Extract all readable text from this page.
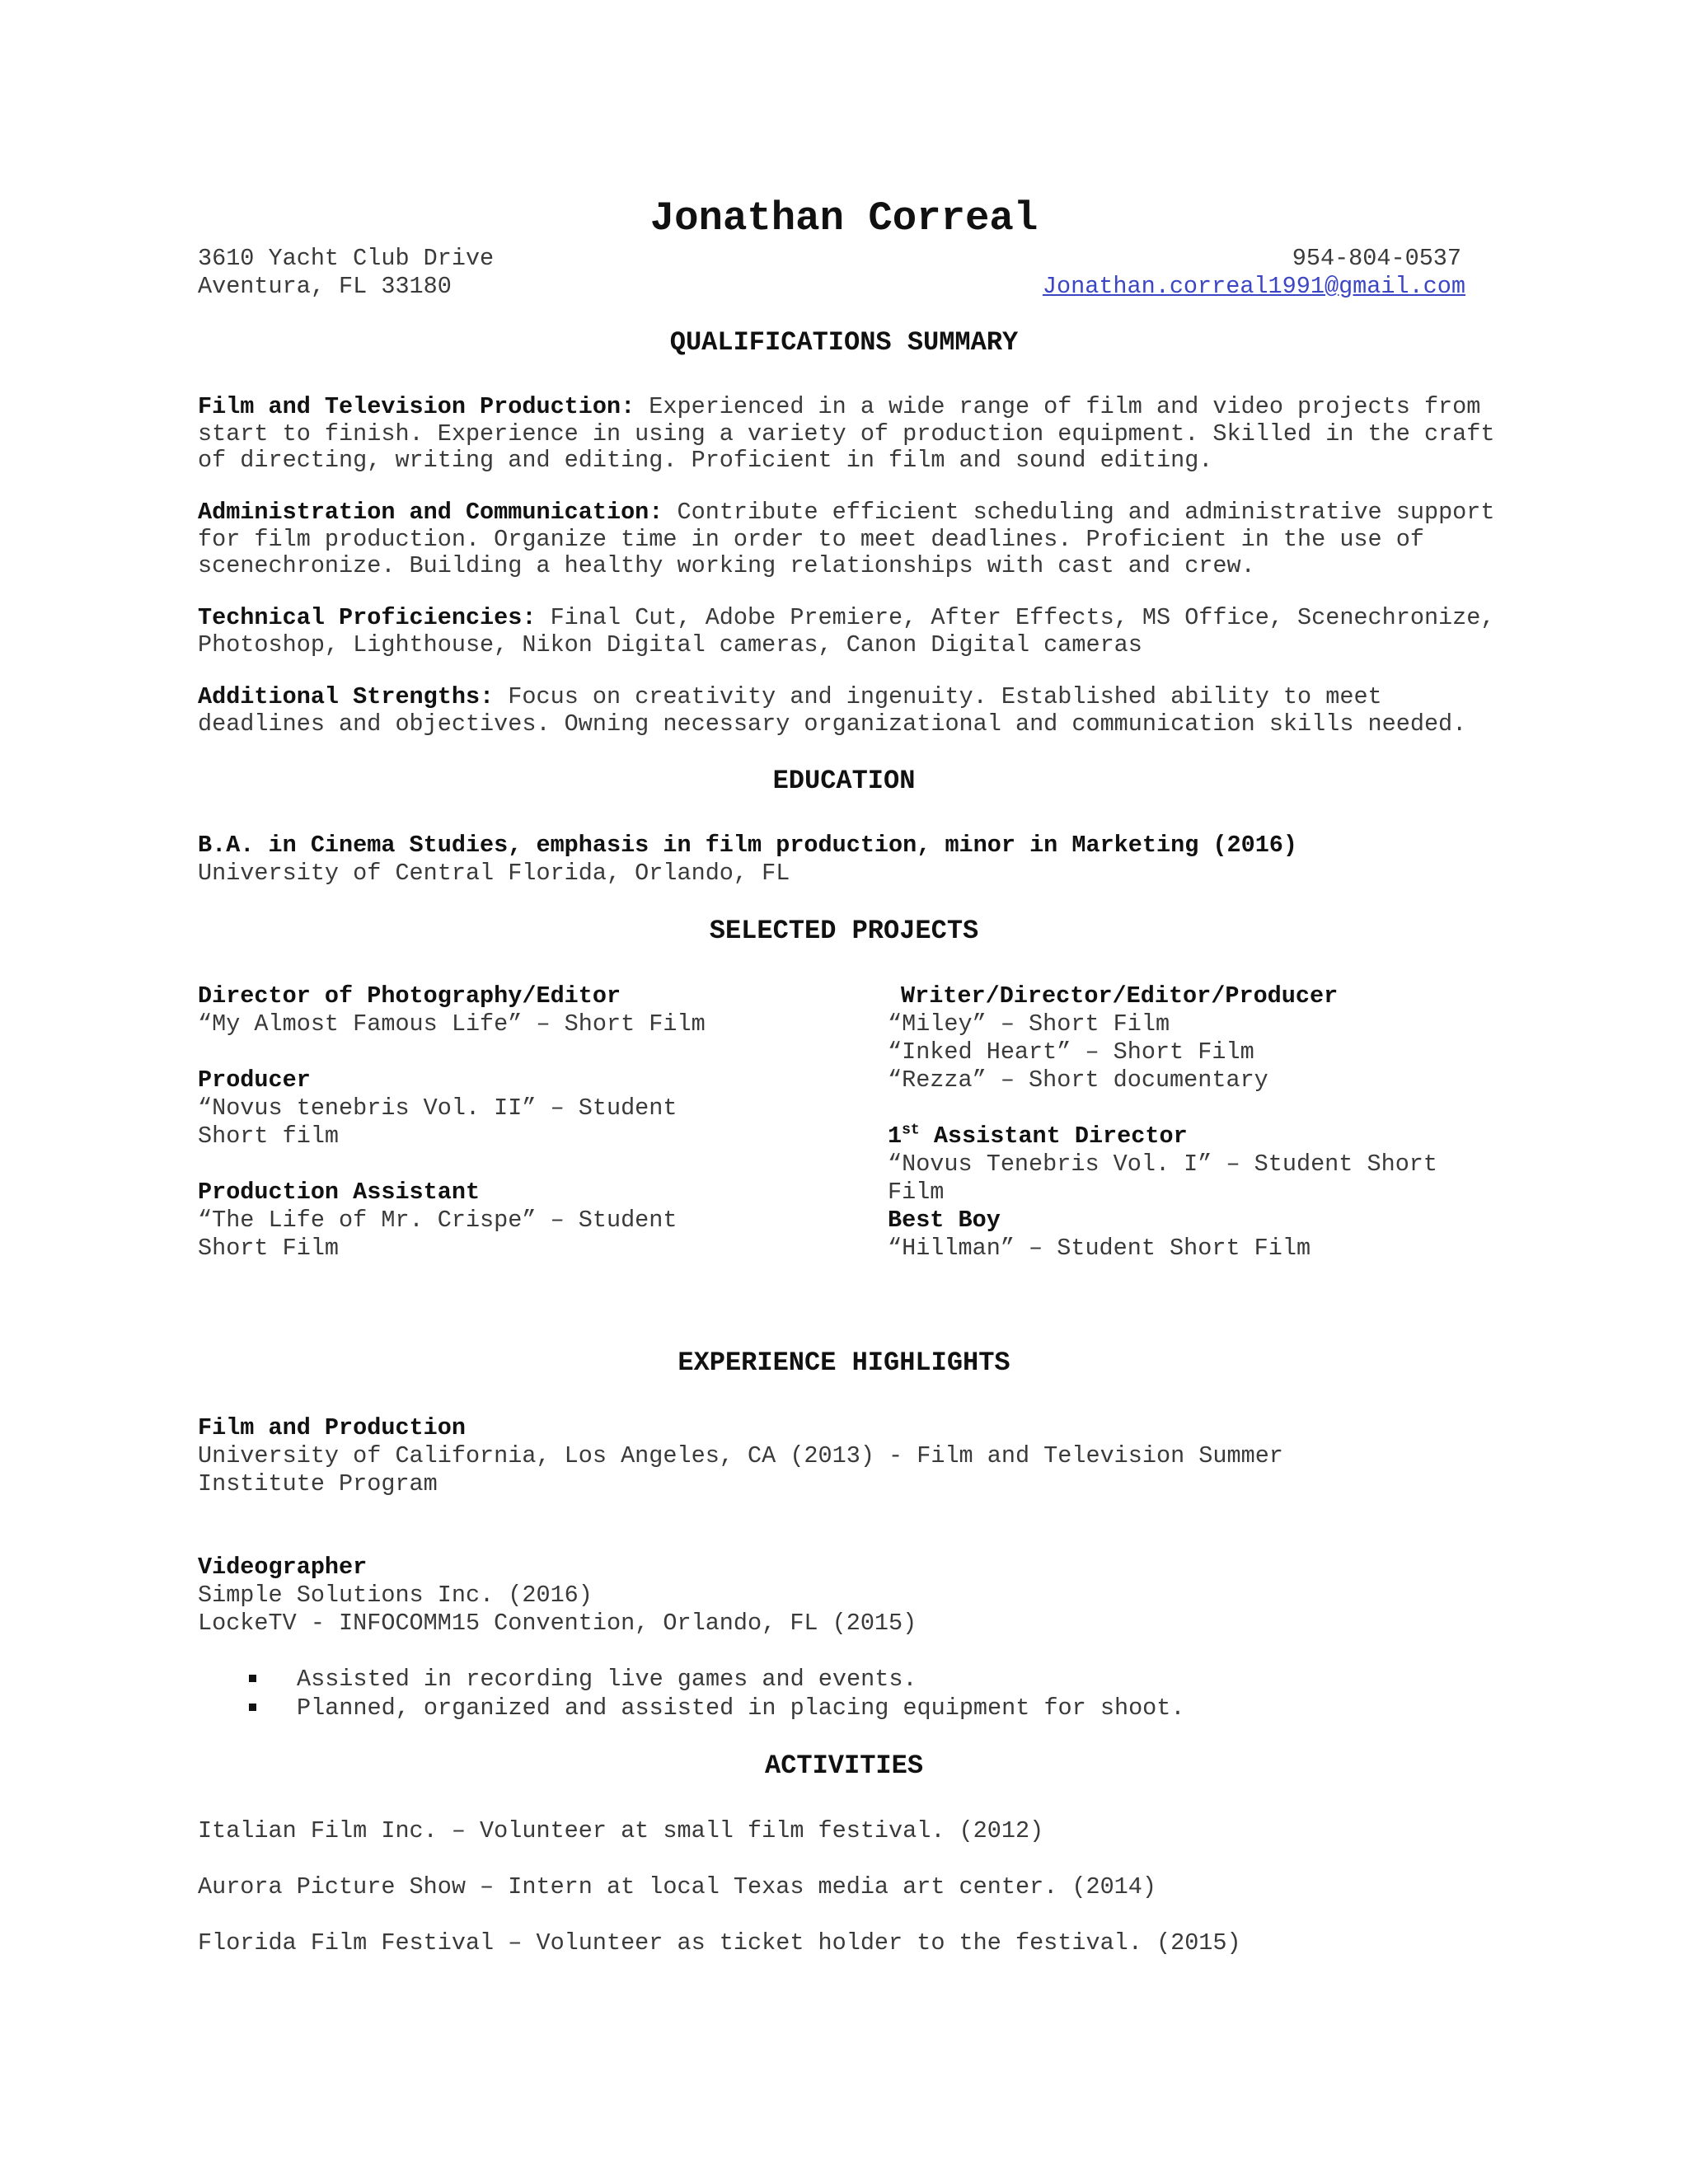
Jonathan Correal
3610 Yacht Club Drive
Aventura, FL 33180
954-804-0537
Jonathan.correal1991@gmail.com
QUALIFICATIONS SUMMARY
Film and Television Production: Experienced in a wide range of film and video projects from start to finish. Experience in using a variety of production equipment. Skilled in the craft of directing, writing and editing. Proficient in film and sound editing.
Administration and Communication: Contribute efficient scheduling and administrative support for film production. Organize time in order to meet deadlines. Proficient in the use of scenechronize. Building a healthy working relationships with cast and crew.
Technical Proficiencies: Final Cut, Adobe Premiere, After Effects, MS Office, Scenechronize, Photoshop, Lighthouse, Nikon Digital cameras, Canon Digital cameras
Additional Strengths: Focus on creativity and ingenuity. Established ability to meet deadlines and objectives. Owning necessary organizational and communication skills needed.
EDUCATION
B.A. in Cinema Studies, emphasis in film production, minor in Marketing (2016)
University of Central Florida, Orlando, FL
SELECTED PROJECTS
Director of Photography/Editor
“My Almost Famous Life” – Short Film
Producer
“Novus tenebris Vol. II” – Student
Short film
Production Assistant
“The Life of Mr. Crispe” – Student
Short Film
Writer/Director/Editor/Producer
“Miley” – Short Film
“Inked Heart” – Short Film
“Rezza” – Short documentary
1st Assistant Director
“Novus Tenebris Vol. I” – Student Short
Film
Best Boy
“Hillman” – Student Short Film
EXPERIENCE HIGHLIGHTS
Film and Production
University of California, Los Angeles, CA (2013) - Film and Television Summer
Institute Program
Videographer
Simple Solutions Inc. (2016)
LockeTV - INFOCOMM15 Convention, Orlando, FL (2015)
Assisted in recording live games and events.
Planned, organized and assisted in placing equipment for shoot.
ACTIVITIES
Italian Film Inc. – Volunteer at small film festival. (2012)
Aurora Picture Show – Intern at local Texas media art center. (2014)
Florida Film Festival – Volunteer as ticket holder to the festival. (2015)
